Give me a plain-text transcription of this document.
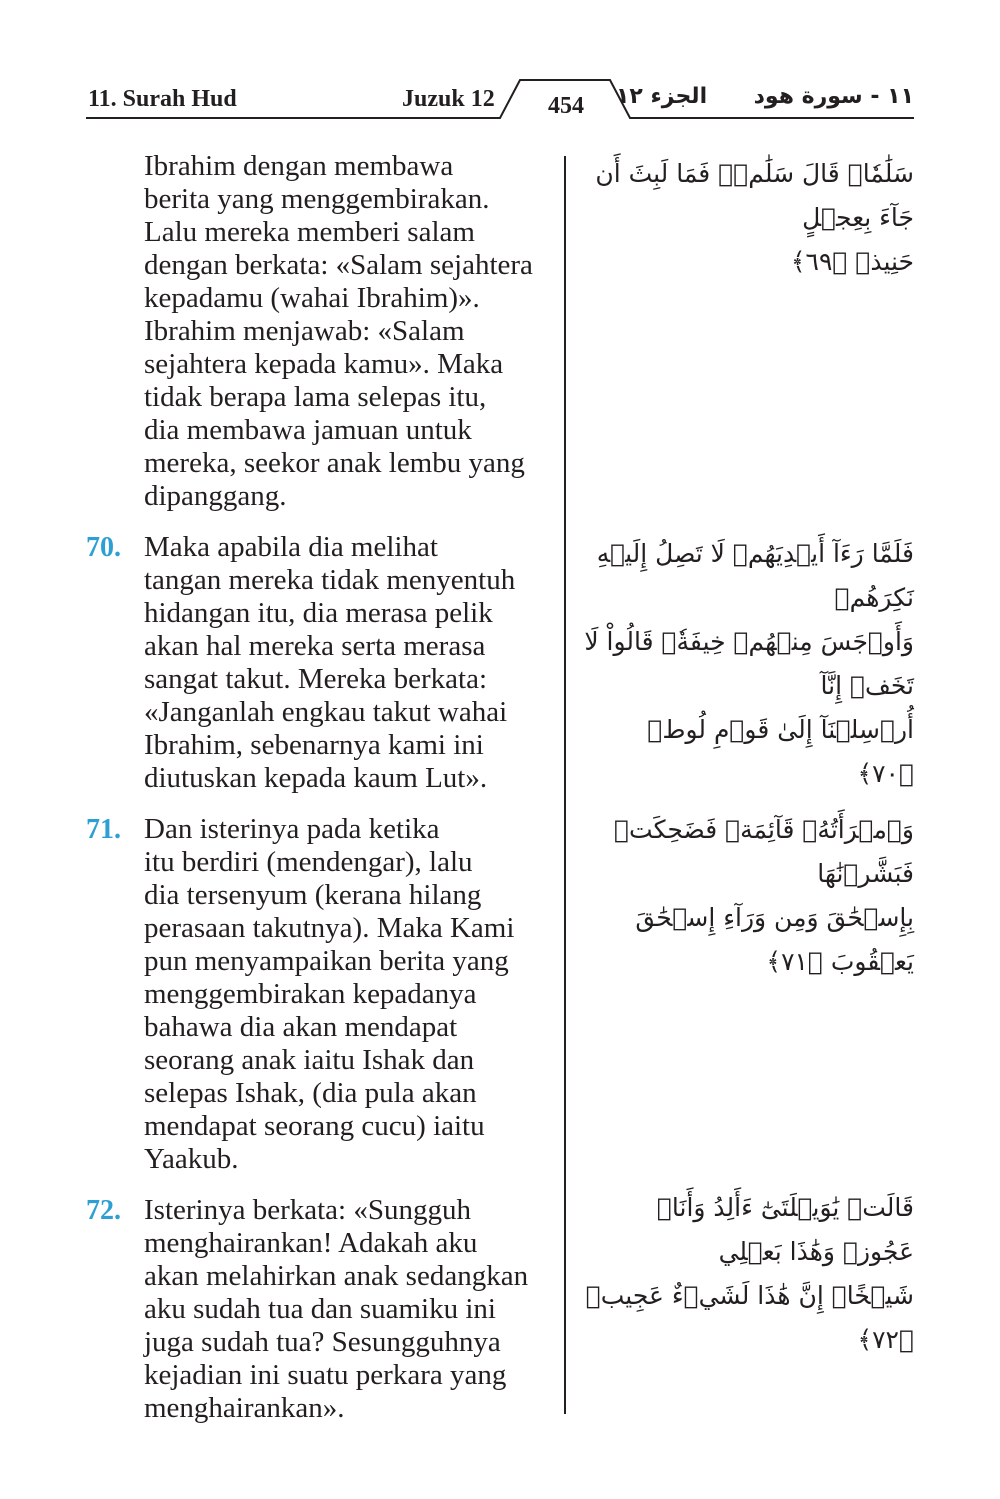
11. Surah Hud	Juzuk 12 454 الجزء ١٢ ١١ - سورة هود
Ibrahim dengan membawa
berita yang menggembirakan.
Lalu mereka memberi salam
dengan berkata: «Salam sejahtera
kepadamu (wahai Ibrahim)».
Ibrahim menjawab: «Salam
sejahtera kepada kamu». Maka
tidak berapa lama selepas itu,
dia membawa jamuan untuk
mereka, seekor anak lembu yang
dipanggang.
70. Maka apabila dia melihat
tangan mereka tidak menyentuh
hidangan itu, dia merasa pelik
akan hal mereka serta merasa
sangat takut. Mereka berkata:
«Janganlah engkau takut wahai
Ibrahim, sebenarnya kami ini
diutuskan kepada kaum Lut».
71. Dan isterinya pada ketika
itu berdiri (mendengar), lalu
dia tersenyum (kerana hilang
perasaan takutnya). Maka Kami
pun menyampaikan berita yang
menggembirakan kepadanya
bahawa dia akan mendapat
seorang anak iaitu Ishak dan
selepas Ishak, (dia pula akan
mendapat seorang cucu) iaitu
Yaakub.
72. Isterinya berkata: «Sungguh
menghairankan! Adakah aku
akan melahirkan anak sedangkan
aku sudah tua dan suamiku ini
juga sudah tua? Sesungguhnya
kejadian ini suatu perkara yang
menghairankan».
سَلَٰمٗاۖ قَالَ سَلَٰمٞۖ فَمَا لَبِثَ أَن جَآءَ بِعِجۡلٍ
حَنِيذٖ ﴿٦٩﴾
فَلَمَّا رَءَآ أَيۡدِيَهُمۡ لَا تَصِلُ إِلَيۡهِ نَكِرَهُمۡ
وَأَوۡجَسَ مِنۡهُمۡ خِيفَةٗۚ قَالُواْ لَا تَخَفۡ إِنَّآ
أُرۡسِلۡنَآ إِلَىٰ قَوۡمِ لُوطٖ ﴿٧٠﴾
وَٱمۡرَأَتُهُۥ قَآئِمَةٞ فَضَحِكَتۡ فَبَشَّرۡنَٰهَا
بِإِسۡحَٰقَ وَمِن وَرَآءِ إِسۡحَٰقَ يَعۡقُوبَ ﴿٧١﴾
قَالَتۡ يَٰوَيۡلَتَىٰٓ ءَأَلِدُ وَأَنَا۠ عَجُوزٞ وَهَٰذَا بَعۡلِي
شَيۡخًاۖ إِنَّ هَٰذَا لَشَيۡءٌ عَجِيبٞ ﴿٧٢﴾
